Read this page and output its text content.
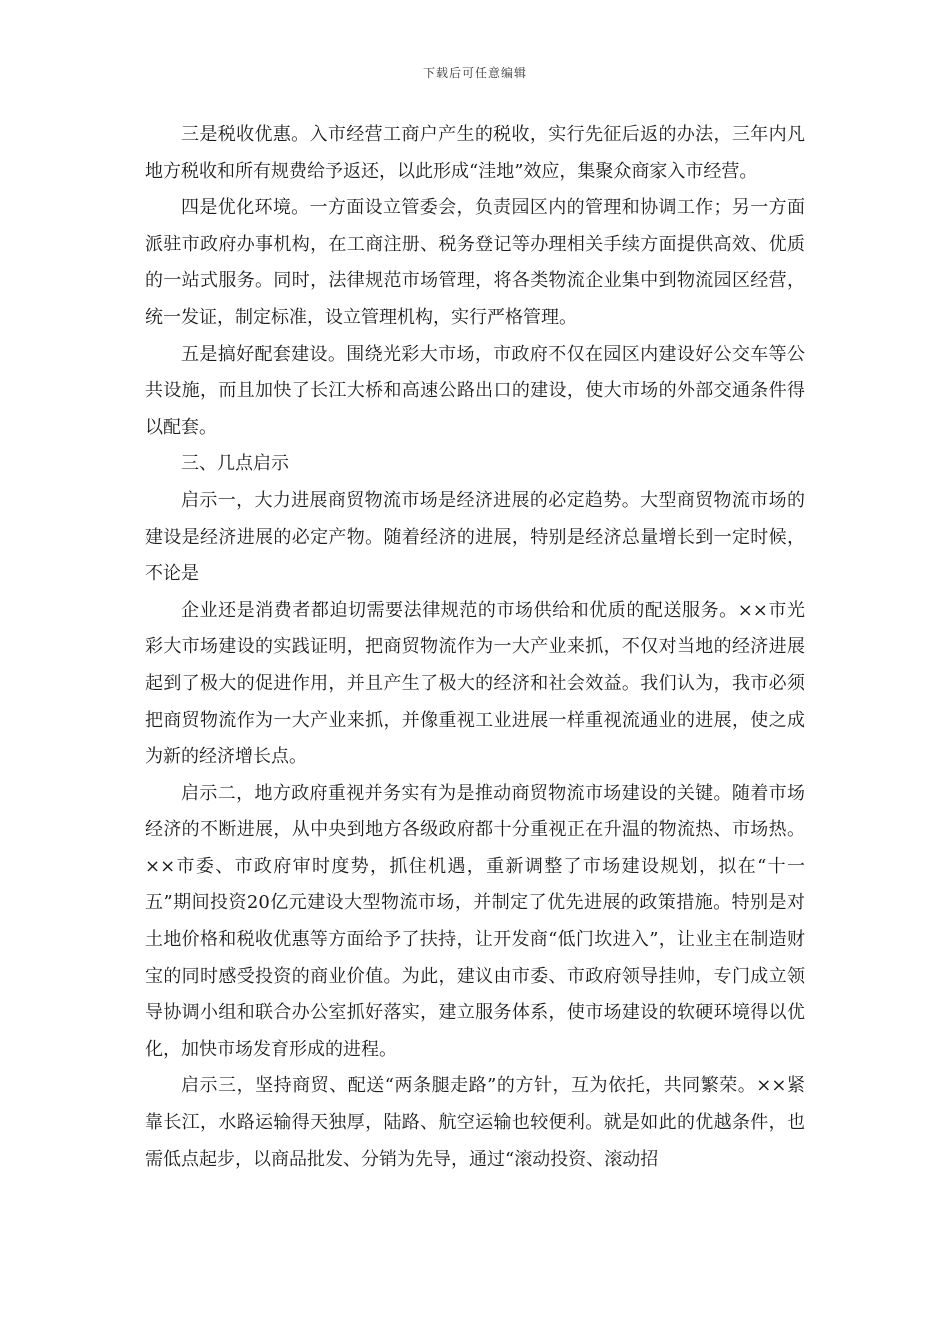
下载后可任意编辑

三是税收优惠。入市经营工商户产生的税收，实行先征后返的办法，三年内凡地方税收和所有规费给予返还，以此形成“洼地”效应，集聚众商家入市经营。

四是优化环境。一方面设立管委会，负责园区内的管理和协调工作；另一方面派驻市政府办事机构，在工商注册、税务登记等办理相关手续方面提供高效、优质的一站式服务。同时，法律规范市场管理，将各类物流企业集中到物流园区经营，统一发证，制定标准，设立管理机构，实行严格管理。

五是搞好配套建设。围绕光彩大市场，市政府不仅在园区内建设好公交车等公共设施，而且加快了长江大桥和高速公路出口的建设，使大市场的外部交通条件得以配套。

三、几点启示

启示一，大力进展商贸物流市场是经济进展的必定趋势。大型商贸物流市场的建设是经济进展的必定产物。随着经济的进展，特别是经济总量增长到一定时候，不论是

企业还是消费者都迫切需要法律规范的市场供给和优质的配送服务。××市光彩大市场建设的实践证明，把商贸物流作为一大产业来抓，不仅对当地的经济进展起到了极大的促进作用，并且产生了极大的经济和社会效益。我们认为，我市必须把商贸物流作为一大产业来抓，并像重视工业进展一样重视流通业的进展，使之成为新的经济增长点。

启示二，地方政府重视并务实有为是推动商贸物流市场建设的关键。随着市场经济的不断进展，从中央到地方各级政府都十分重视正在升温的物流热、市场热。××市委、市政府审时度势，抓住机遇，重新调整了市场建设规划，拟在“十一五”期间投资20亿元建设大型物流市场，并制定了优先进展的政策措施。特别是对土地价格和税收优惠等方面给予了扶持，让开发商“低门坎进入”，让业主在制造财宝的同时感受投资的商业价值。为此，建议由市委、市政府领导挂帅，专门成立领导协调小组和联合办公室抓好落实，建立服务体系，使市场建设的软硬环境得以优化，加快市场发育形成的进程。

启示三，坚持商贸、配送“两条腿走路”的方针，互为依托，共同繁荣。××紧靠长江，水路运输得天独厚，陆路、航空运输也较便利。就是如此的优越条件，也需低点起步，以商品批发、分销为先导，通过“滚动投资、滚动招
